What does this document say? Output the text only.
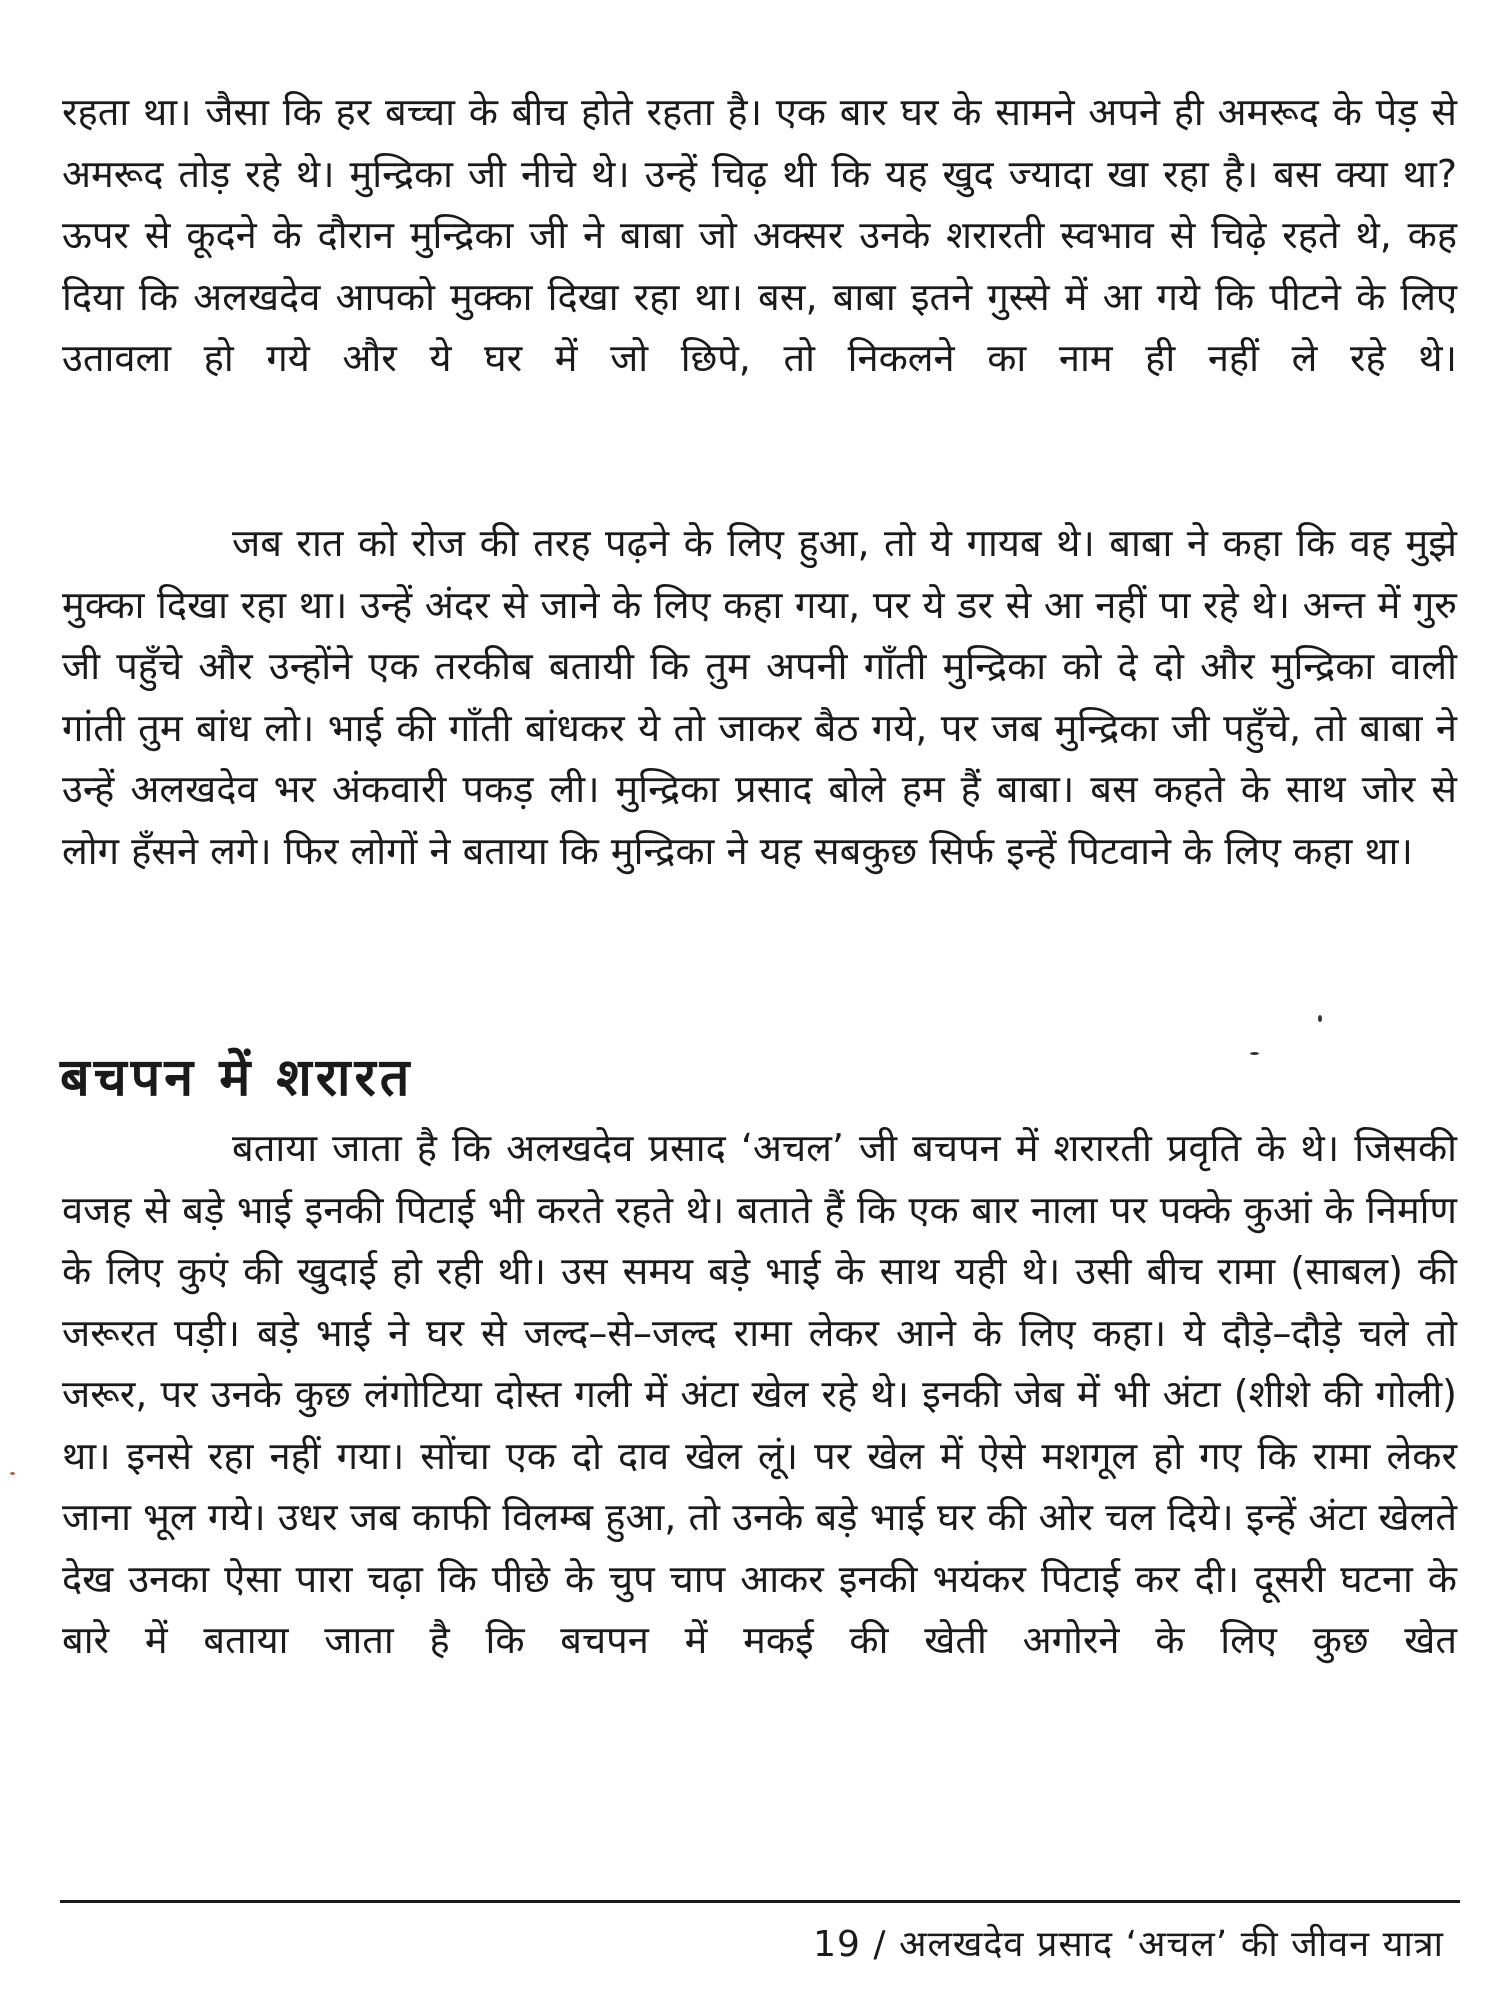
रहता था। जैसा कि हर बच्चा के बीच होते रहता है। एक बार घर के सामने अपने ही अमरूद के पेड़ से अमरूद तोड़ रहे थे। मुन्द्रिका जी नीचे थे। उन्हें चिढ़ थी कि यह खुद ज्यादा खा रहा है। बस क्या था? ऊपर से कूदने के दौरान मुन्द्रिका जी ने बाबा जो अक्सर उनके शरारती स्वभाव से चिढ़े रहते थे, कह दिया कि अलखदेव आपको मुक्का दिखा रहा था। बस, बाबा इतने गुस्से में आ गये कि पीटने के लिए उतावला हो गये और ये घर में जो छिपे, तो निकलने का नाम ही नहीं ले रहे थे।

जब रात को रोज की तरह पढ़ने के लिए हुआ, तो ये गायब थे। बाबा ने कहा कि वह मुझे मुक्का दिखा रहा था। उन्हें अंदर से जाने के लिए कहा गया, पर ये डर से आ नहीं पा रहे थे। अन्त में गुरु जी पहुँचे और उन्होंने एक तरकीब बतायी कि तुम अपनी गाँती मुन्द्रिका को दे दो और मुन्द्रिका वाली गांती तुम बांध लो। भाई की गाँती बांधकर ये तो जाकर बैठ गये, पर जब मुन्द्रिका जी पहुँचे, तो बाबा ने उन्हें अलखदेव भर अंकवारी पकड़ ली। मुन्द्रिका प्रसाद बोले हम हैं बाबा। बस कहते के साथ जोर से लोग हँसने लगे। फिर लोगों ने बताया कि मुन्द्रिका ने यह सबकुछ सिर्फ इन्हें पिटवाने के लिए कहा था।

बचपन में शरारत

बताया जाता है कि अलखदेव प्रसाद ‘अचल’ जी बचपन में शरारती प्रवृति के थे। जिसकी वजह से बड़े भाई इनकी पिटाई भी करते रहते थे। बताते हैं कि एक बार नाला पर पक्के कुआं के निर्माण के लिए कुएं की खुदाई हो रही थी। उस समय बड़े भाई के साथ यही थे। उसी बीच रामा (साबल) की जरूरत पड़ी। बड़े भाई ने घर से जल्द–से–जल्द रामा लेकर आने के लिए कहा। ये दौड़े–दौड़े चले तो जरूर, पर उनके कुछ लंगोटिया दोस्त गली में अंटा खेल रहे थे। इनकी जेब में भी अंटा (शीशे की गोली) था। इनसे रहा नहीं गया। सोंचा एक दो दाव खेल लूं। पर खेल में ऐसे मशगूल हो गए कि रामा लेकर जाना भूल गये। उधर जब काफी विलम्ब हुआ, तो उनके बड़े भाई घर की ओर चल दिये। इन्हें अंटा खेलते देख उनका ऐसा पारा चढ़ा कि पीछे के चुप चाप आकर इनकी भयंकर पिटाई कर दी। दूसरी घटना के बारे में बताया जाता है कि बचपन में मकई की खेती अगोरने के लिए कुछ खेत

19 / अलखदेव प्रसाद ‘अचल’ की जीवन यात्रा
